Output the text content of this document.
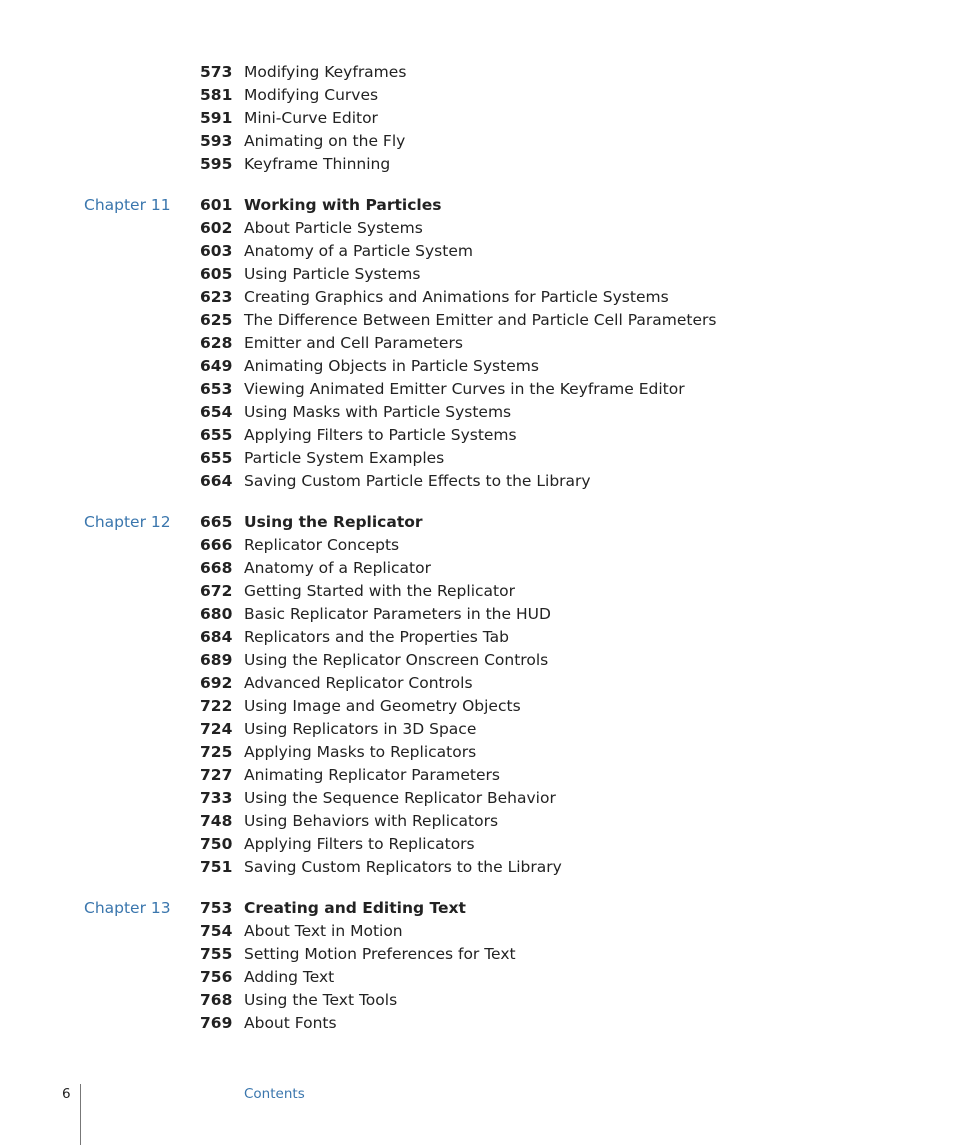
573 Modifying Keyframes
581 Modifying Curves
591 Mini-Curve Editor
593 Animating on the Fly
595 Keyframe Thinning
Chapter 11 601 Working with Particles
602 About Particle Systems
603 Anatomy of a Particle System
605 Using Particle Systems
623 Creating Graphics and Animations for Particle Systems
625 The Difference Between Emitter and Particle Cell Parameters
628 Emitter and Cell Parameters
649 Animating Objects in Particle Systems
653 Viewing Animated Emitter Curves in the Keyframe Editor
654 Using Masks with Particle Systems
655 Applying Filters to Particle Systems
655 Particle System Examples
664 Saving Custom Particle Effects to the Library
Chapter 12 665 Using the Replicator
666 Replicator Concepts
668 Anatomy of a Replicator
672 Getting Started with the Replicator
680 Basic Replicator Parameters in the HUD
684 Replicators and the Properties Tab
689 Using the Replicator Onscreen Controls
692 Advanced Replicator Controls
722 Using Image and Geometry Objects
724 Using Replicators in 3D Space
725 Applying Masks to Replicators
727 Animating Replicator Parameters
733 Using the Sequence Replicator Behavior
748 Using Behaviors with Replicators
750 Applying Filters to Replicators
751 Saving Custom Replicators to the Library
Chapter 13 753 Creating and Editing Text
754 About Text in Motion
755 Setting Motion Preferences for Text
756 Adding Text
768 Using the Text Tools
769 About Fonts
6	Contents
